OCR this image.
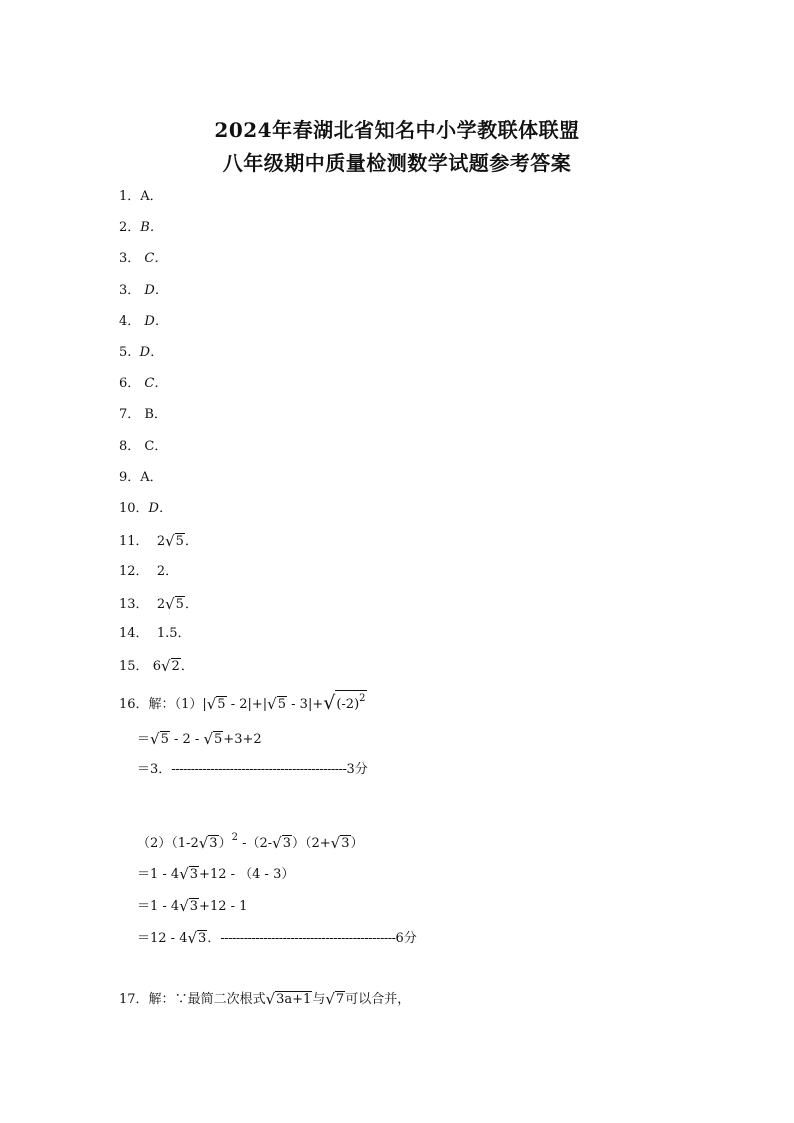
2024年春湖北省知名中小学教联体联盟
八年级期中质量检测数学试题参考答案
1．A．
2．B．
3． C．
3． D．
4． D．
5. D．
6． C．
7． B．
8． C．
9．A．
10．D．
11． 2√5．
12． 2．
13． 2√5．
14． 1.5．
15． 6√2．
16．解：$(1)|√5 - 2|+|√5 - 3|+√(-2)^2$
＝√5 - 2 - √5+3+2
＝3．---------------------------------------------3分
$(2)(1-2√3)^2$ -（2-√3）（2+√3）
＝1 - 4√3+12 - （4 - 3）
＝1 - 4√3+12 - 1
＝12 - 4√3．---------------------------------------------6分
17．解：∵最简二次根式√3a+1与√7可以合并，
